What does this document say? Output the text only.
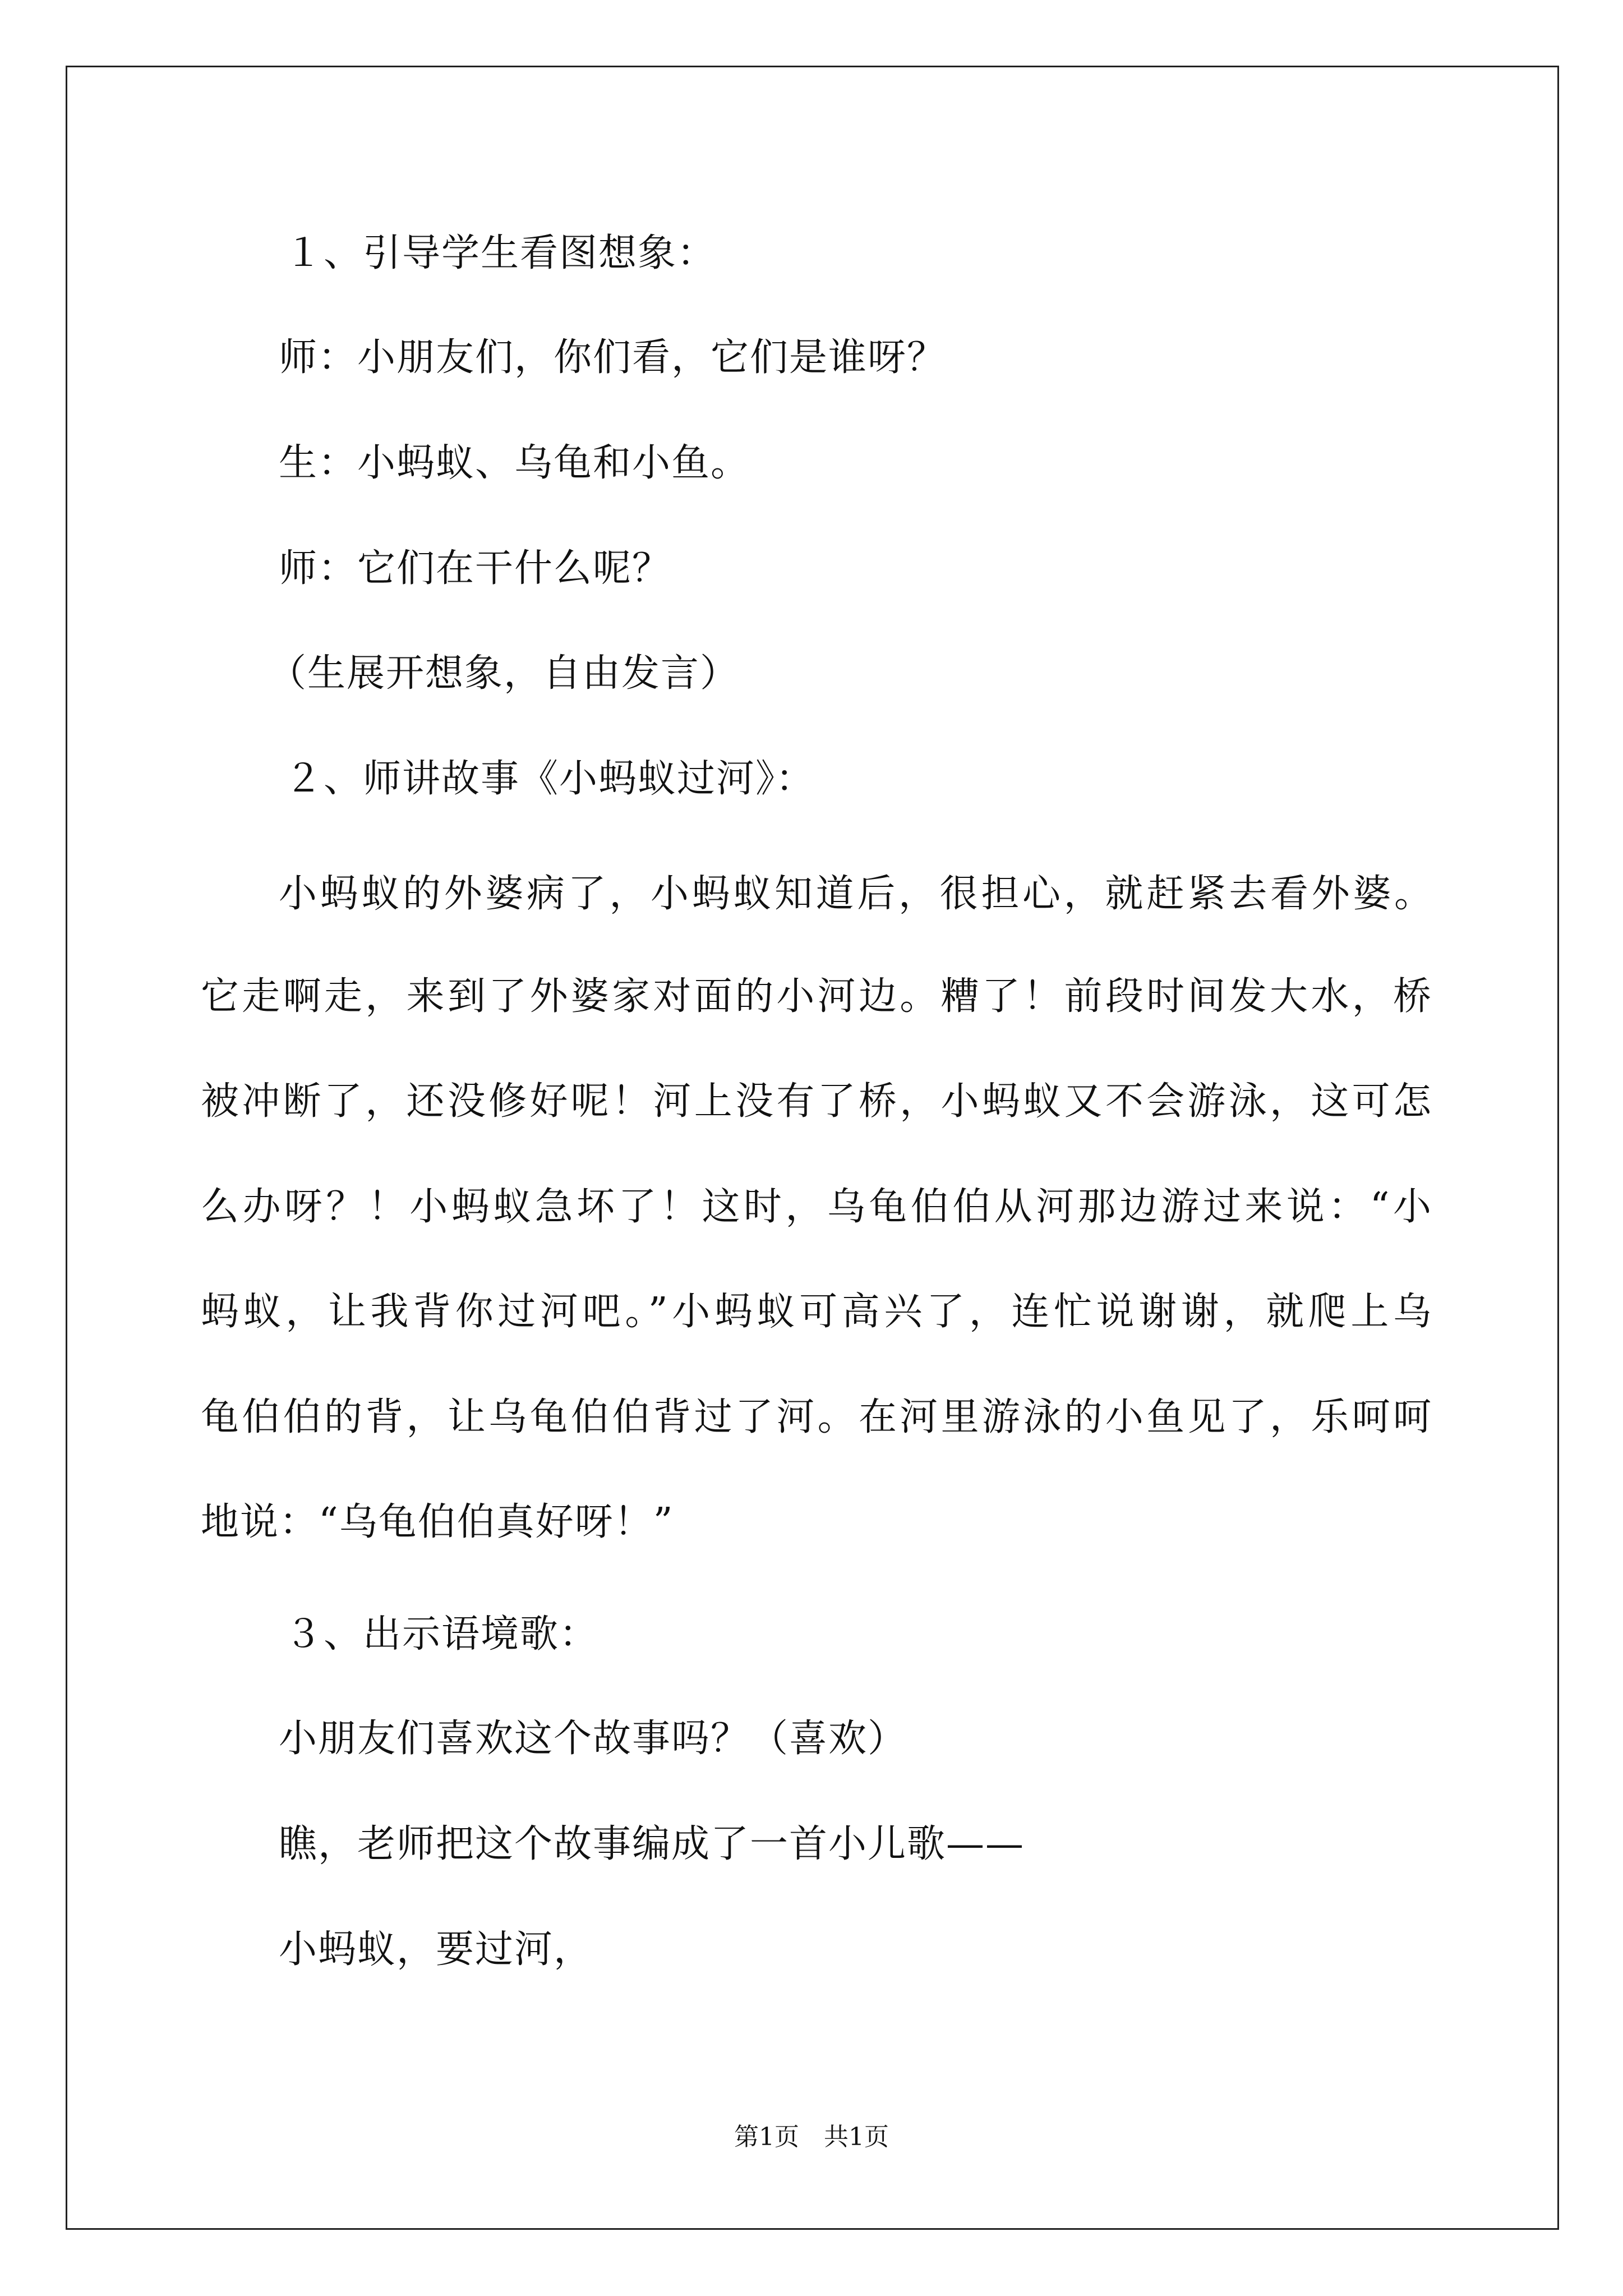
１、引导学生看图想象：
师：小朋友们，你们看，它们是谁呀？
生：小蚂蚁、乌龟和小鱼。
师：它们在干什么呢？
（生展开想象，自由发言）
２、师讲故事《小蚂蚁过河》：
小蚂蚁的外婆病了，小蚂蚁知道后，很担心，就赶紧去看外婆。
它走啊走，来到了外婆家对面的小河边。糟了！前段时间发大水，桥
被冲断了，还没修好呢！河上没有了桥，小蚂蚁又不会游泳，这可怎
么办呀？！小蚂蚁急坏了！这时，乌龟伯伯从河那边游过来说：“小
蚂蚁，让我背你过河吧。”小蚂蚁可高兴了，连忙说谢谢，就爬上乌
龟伯伯的背，让乌龟伯伯背过了河。在河里游泳的小鱼见了，乐呵呵
地说：“乌龟伯伯真好呀！”
３、出示语境歌：
小朋友们喜欢这个故事吗？（喜欢）
瞧，老师把这个故事编成了一首小儿歌——
小蚂蚁，要过河，
第1页　共1页
